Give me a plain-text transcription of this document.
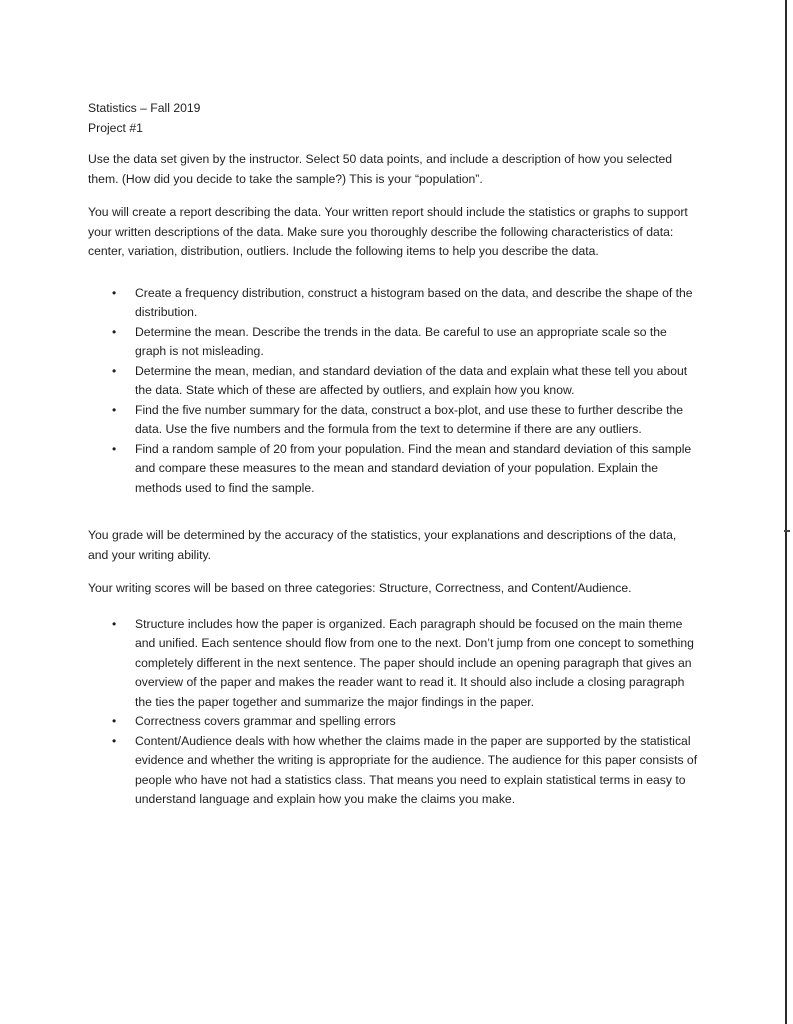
Statistics – Fall 2019

Project #1

Use the data set given by the instructor. Select 50 data points, and include a description of how you selected them. (How did you decide to take the sample?) This is your “population”.

You will create a report describing the data. Your written report should include the statistics or graphs to support your written descriptions of the data. Make sure you thoroughly describe the following characteristics of data: center, variation, distribution, outliers. Include the following items to help you describe the data.

• Create a frequency distribution, construct a histogram based on the data, and describe the shape of the distribution.
• Determine the mean. Describe the trends in the data. Be careful to use an appropriate scale so the graph is not misleading.
• Determine the mean, median, and standard deviation of the data and explain what these tell you about the data. State which of these are affected by outliers, and explain how you know.
• Find the five number summary for the data, construct a box-plot, and use these to further describe the data. Use the five numbers and the formula from the text to determine if there are any outliers.
• Find a random sample of 20 from your population. Find the mean and standard deviation of this sample and compare these measures to the mean and standard deviation of your population. Explain the methods used to find the sample.

You grade will be determined by the accuracy of the statistics, your explanations and descriptions of the data, and your writing ability.

Your writing scores will be based on three categories: Structure, Correctness, and Content/Audience.

• Structure includes how the paper is organized. Each paragraph should be focused on the main theme and unified. Each sentence should flow from one to the next. Don’t jump from one concept to something completely different in the next sentence. The paper should include an opening paragraph that gives an overview of the paper and makes the reader want to read it. It should also include a closing paragraph the ties the paper together and summarize the major findings in the paper.
• Correctness covers grammar and spelling errors
• Content/Audience deals with how whether the claims made in the paper are supported by the statistical evidence and whether the writing is appropriate for the audience. The audience for this paper consists of people who have not had a statistics class. That means you need to explain statistical terms in easy to understand language and explain how you make the claims you make.
